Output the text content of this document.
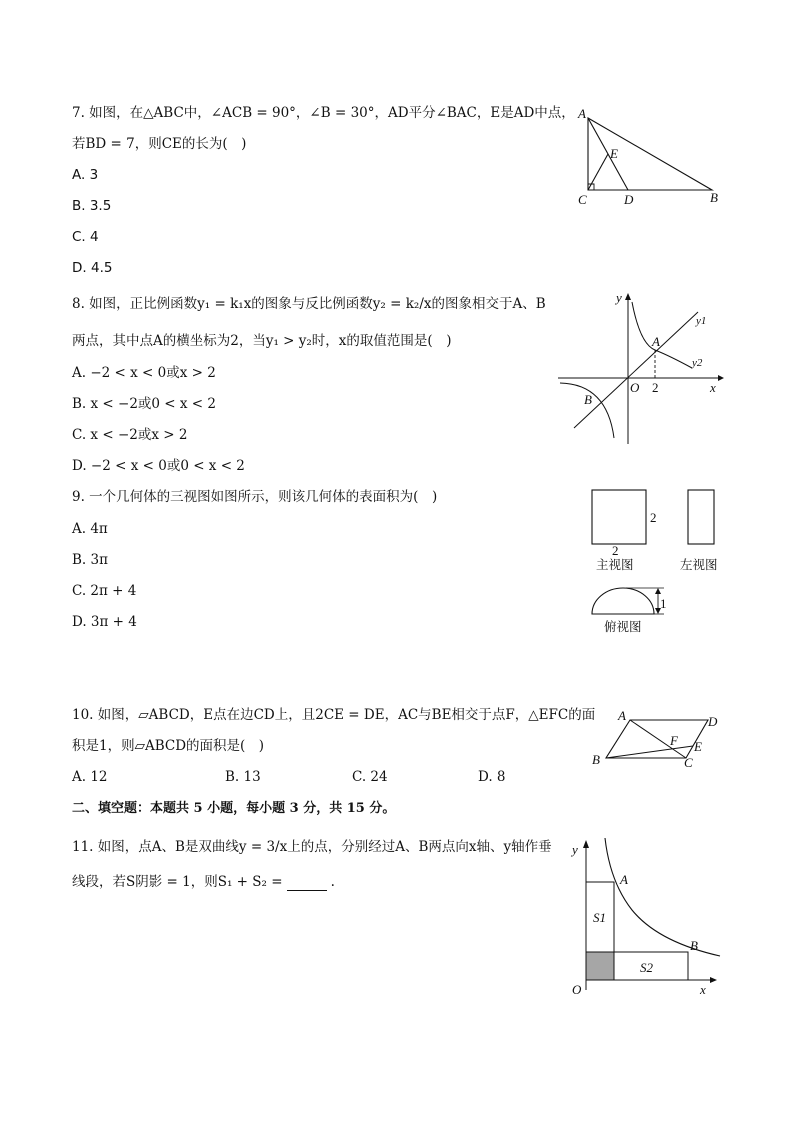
7. 如图，在△ABC中，∠ACB = 90°，∠B = 30°，AD平分∠BAC，E是AD中点，
若BD = 7，则CE的长为(　)
A. 3
B. 3.5
C. 4
D. 4.5
A
E
C	D	B
8. 如图，正比例函数y₁ = k₁x的图象与反比例函数y₂ = k₂/x的图象相交于A、B
两点，其中点A的横坐标为2，当y₁ > y₂时，x的取值范围是(　)
A. −2 < x < 0或x > 2
B. x < −2或0 < x < 2
C. x < −2或x > 2
D. −2 < x < 0或0 < x < 2
y
x
O
A
B
2
y1
y2
9. 一个几何体的三视图如图所示，则该几何体的表面积为(　)
A. 4π
B. 3π
C. 2π + 4
D. 3π + 4
2
2
主视图	左视图
1
俯视图
10. 如图，▱ABCD，E点在边CD上，且2CE = DE，AC与BE相交于点F，△EFC的面
积是1，则▱ABCD的面积是(　)
A. 12	B. 13	C. 24	D. 8
A	D
F E
B	C
二、填空题：本题共 5 小题，每小题 3 分，共 15 分。
11. 如图，点A、B是双曲线y = 3/x上的点，分别经过A、B两点向x轴、y轴作垂
线段，若S阴影 = 1，则S₁ + S₂ =	.
y
x
O
A
B
S1
S2
